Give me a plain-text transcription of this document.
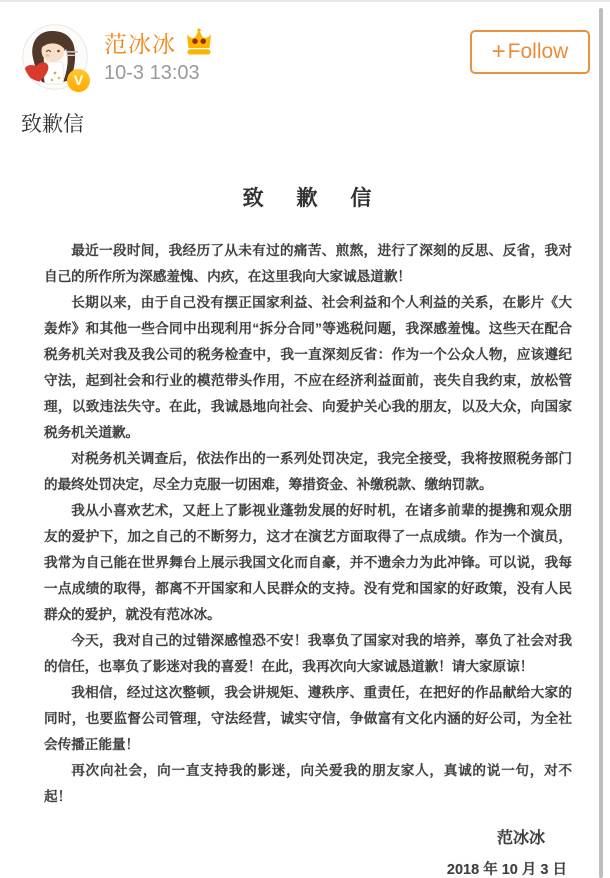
V
范冰冰
10-3 13:03
+ Follow
致歉信
致 歉 信

最近一段时间，我经历了从未有过的痛苦、煎熬，进行了深刻的反思、反省，我对自己的所作所为深感羞愧、内疚，在这里我向大家诚恳道歉！

长期以来，由于自己没有摆正国家利益、社会利益和个人利益的关系，在影片《大轰炸》和其他一些合同中出现利用“拆分合同”等逃税问题，我深感羞愧。这些天在配合税务机关对我及我公司的税务检查中，我一直深刻反省：作为一个公众人物，应该遵纪守法，起到社会和行业的模范带头作用，不应在经济利益面前，丧失自我约束，放松管理，以致违法失守。在此，我诚恳地向社会、向爱护关心我的朋友，以及大众，向国家税务机关道歉。

对税务机关调查后，依法作出的一系列处罚决定，我完全接受，我将按照税务部门的最终处罚决定，尽全力克服一切困难，筹措资金、补缴税款、缴纳罚款。

我从小喜欢艺术，又赶上了影视业蓬勃发展的好时机，在诸多前辈的提携和观众朋友的爱护下，加之自己的不断努力，这才在演艺方面取得了一点成绩。作为一个演员，我常为自己能在世界舞台上展示我国文化而自豪，并不遗余力为此冲锋。可以说，我每一点成绩的取得，都离不开国家和人民群众的支持。没有党和国家的好政策，没有人民群众的爱护，就没有范冰冰。

今天，我对自己的过错深感惶恐不安！我辜负了国家对我的培养，辜负了社会对我的信任，也辜负了影迷对我的喜爱！在此，我再次向大家诚恳道歉！请大家原谅！

我相信，经过这次整顿，我会讲规矩、遵秩序、重责任，在把好的作品献给大家的同时，也要监督公司管理，守法经营，诚实守信，争做富有文化内涵的好公司，为全社会传播正能量！

再次向社会，向一直支持我的影迷，向关爱我的朋友家人，真诚的说一句，对不起！

范冰冰
2018 年 10 月 3 日
